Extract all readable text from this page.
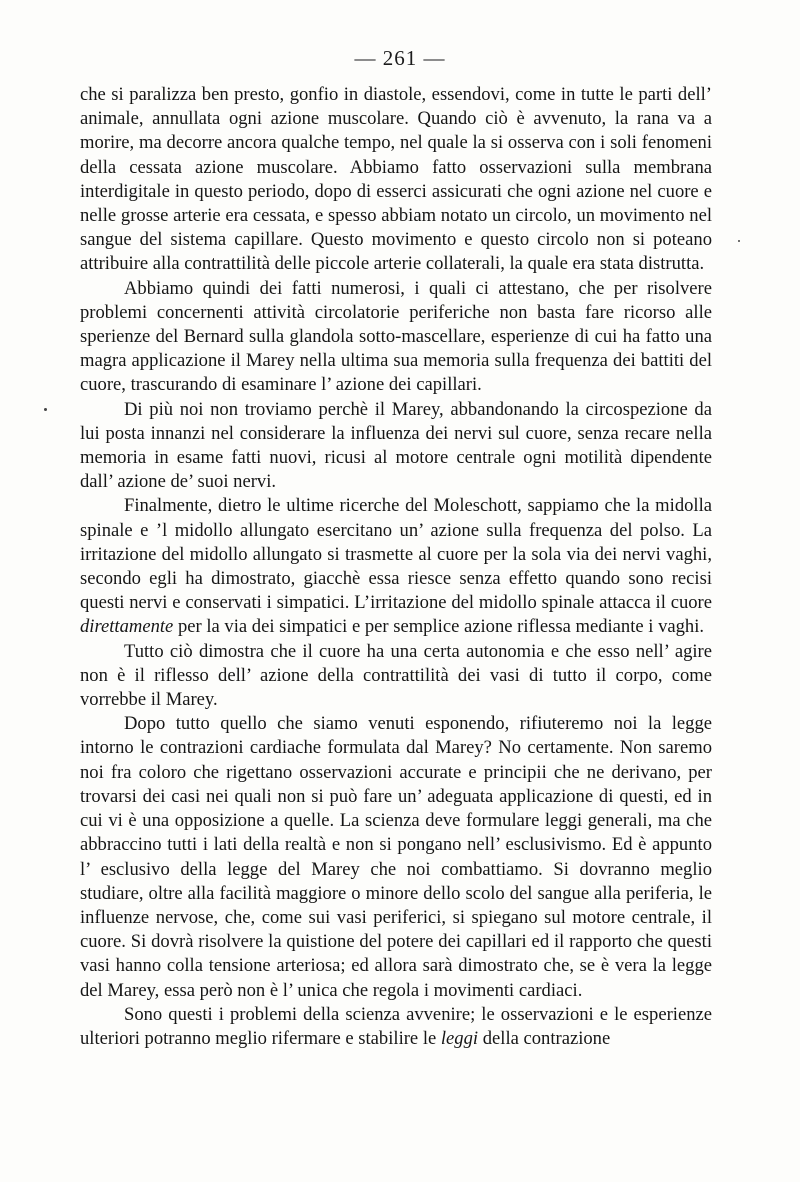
— 261 —

che si paralizza ben presto, gonfio in diastole, essendovi, come in tutte le parti dell’ animale, annullata ogni azione muscolare. Quando ciò è avvenuto, la rana va a morire, ma decorre ancora qualche tempo, nel quale la si osserva con i soli fenomeni della cessata azione muscolare. Abbiamo fatto osservazioni sulla membrana interdigitale in questo periodo, dopo di esserci assicurati che ogni azione nel cuore e nelle grosse arterie era cessata, e spesso abbiam notato un circolo, un movimento nel sangue del sistema capillare. Questo movimento e questo circolo non si poteano attribuire alla contrattilità delle piccole arterie collaterali, la quale era stata distrutta.

Abbiamo quindi dei fatti numerosi, i quali ci attestano, che per risolvere problemi concernenti attività circolatorie periferiche non basta fare ricorso alle sperienze del Bernard sulla glandola sotto-mascellare, esperienze di cui ha fatto una magra applicazione il Marey nella ultima sua memoria sulla frequenza dei battiti del cuore, trascurando di esaminare l’ azione dei capillari.

Di più noi non troviamo perchè il Marey, abbandonando la circospezione da lui posta innanzi nel considerare la influenza dei nervi sul cuore, senza recare nella memoria in esame fatti nuovi, ricusi al motore centrale ogni motilità dipendente dall’ azione de’ suoi nervi.

Finalmente, dietro le ultime ricerche del Moleschott, sappiamo che la midolla spinale e ’l midollo allungato esercitano un’ azione sulla frequenza del polso. La irritazione del midollo allungato si trasmette al cuore per la sola via dei nervi vaghi, secondo egli ha dimostrato, giacchè essa riesce senza effetto quando sono recisi questi nervi e conservati i simpatici. L’irritazione del midollo spinale attacca il cuore direttamente per la via dei simpatici e per semplice azione riflessa mediante i vaghi.

Tutto ciò dimostra che il cuore ha una certa autonomia e che esso nell’ agire non è il riflesso dell’ azione della contrattilità dei vasi di tutto il corpo, come vorrebbe il Marey.

Dopo tutto quello che siamo venuti esponendo, rifiuteremo noi la legge intorno le contrazioni cardiache formulata dal Marey? No certamente. Non saremo noi fra coloro che rigettano osservazioni accurate e principii che ne derivano, per trovarsi dei casi nei quali non si può fare un’ adeguata applicazione di questi, ed in cui vi è una opposizione a quelle. La scienza deve formulare leggi generali, ma che abbraccino tutti i lati della realtà e non si pongano nell’ esclusivismo. Ed è appunto l’ esclusivo della legge del Marey che noi combattiamo. Si dovranno meglio studiare, oltre alla facilità maggiore o minore dello scolo del sangue alla periferia, le influenze nervose, che, come sui vasi periferici, si spiegano sul motore centrale, il cuore. Si dovrà risolvere la quistione del potere dei capillari ed il rapporto che questi vasi hanno colla tensione arteriosa; ed allora sarà dimostrato che, se è vera la legge del Marey, essa però non è l’ unica che regola i movimenti cardiaci.

Sono questi i problemi della scienza avvenire; le osservazioni e le esperienze ulteriori potranno meglio rifermare e stabilire le leggi della contrazione
